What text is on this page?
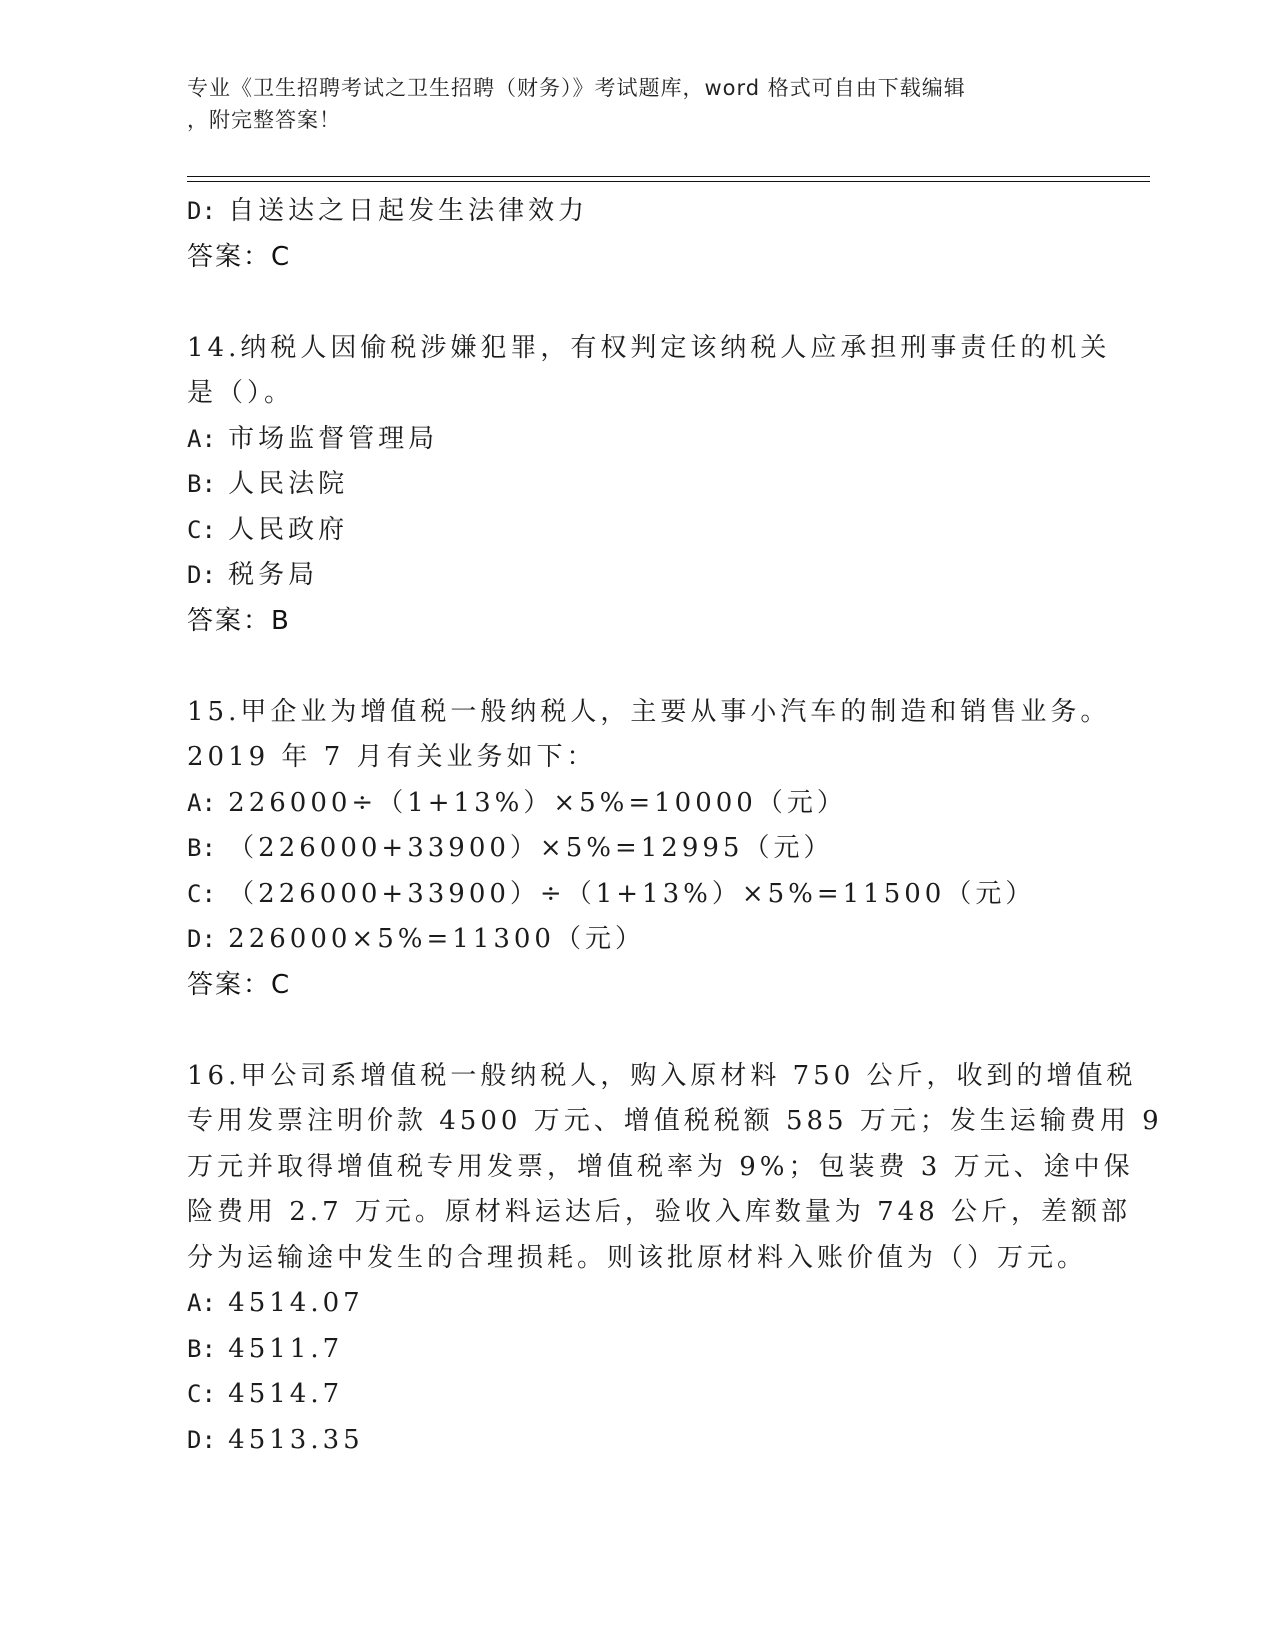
专业《卫生招聘考试之卫生招聘（财务）》考试题库，word 格式可自由下载编辑
，附完整答案！
D: 自送达之日起发生法律效力
答案：C
14.纳税人因偷税涉嫌犯罪，有权判定该纳税人应承担刑事责任的机关
是（）。
A: 市场监督管理局
B: 人民法院
C: 人民政府
D: 税务局
答案：B
15.甲企业为增值税一般纳税人，主要从事小汽车的制造和销售业务。
2019 年 7 月有关业务如下：
A: 226000÷（1+13%）×5%=10000（元）
B: （226000+33900）×5%=12995（元）
C: （226000+33900）÷（1+13%）×5%=11500（元）
D: 226000×5%=11300（元）
答案：C
16.甲公司系增值税一般纳税人，购入原材料 750 公斤，收到的增值税
专用发票注明价款 4500 万元、增值税税额 585 万元；发生运输费用 9
万元并取得增值税专用发票，增值税率为 9%；包装费 3 万元、途中保
险费用 2.7 万元。原材料运达后，验收入库数量为 748 公斤，差额部
分为运输途中发生的合理损耗。则该批原材料入账价值为（）万元。
A: 4514.07
B: 4511.7
C: 4514.7
D: 4513.35
